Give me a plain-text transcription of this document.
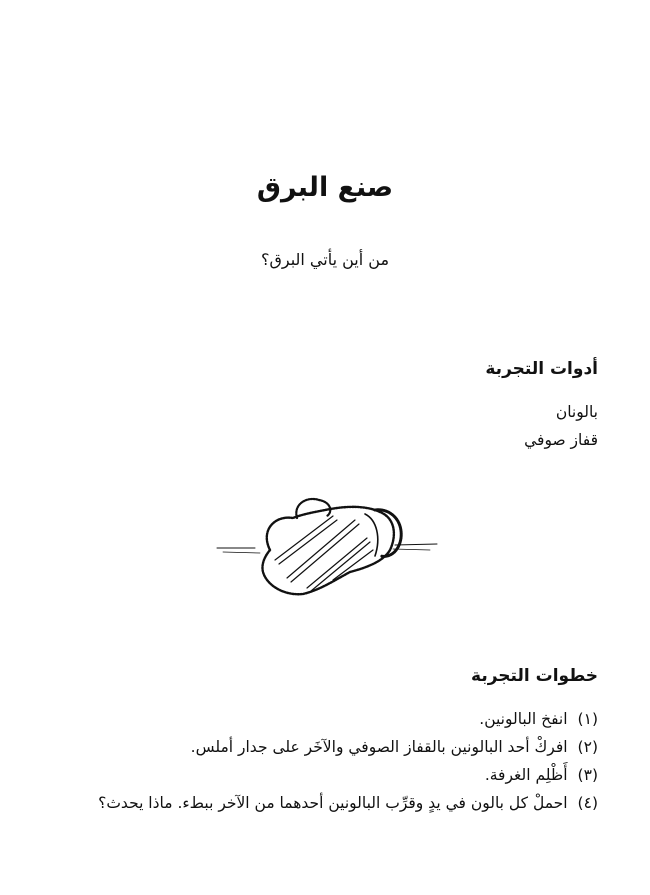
صنع البرق
من أين يأتي البرق؟
أدوات التجربة
بالونان
قفاز صوفي
خطوات التجربة
(١)انفخ البالونين.
(٢)افركْ أحد البالونين بالقفاز الصوفي والآخَر على جدار أملس.
(٣)أَظْلِم الغرفة.
(٤)احملْ كل بالون في يدٍ وقرِّب البالونين أحدهما من الآخر ببطء. ماذا يحدث؟
